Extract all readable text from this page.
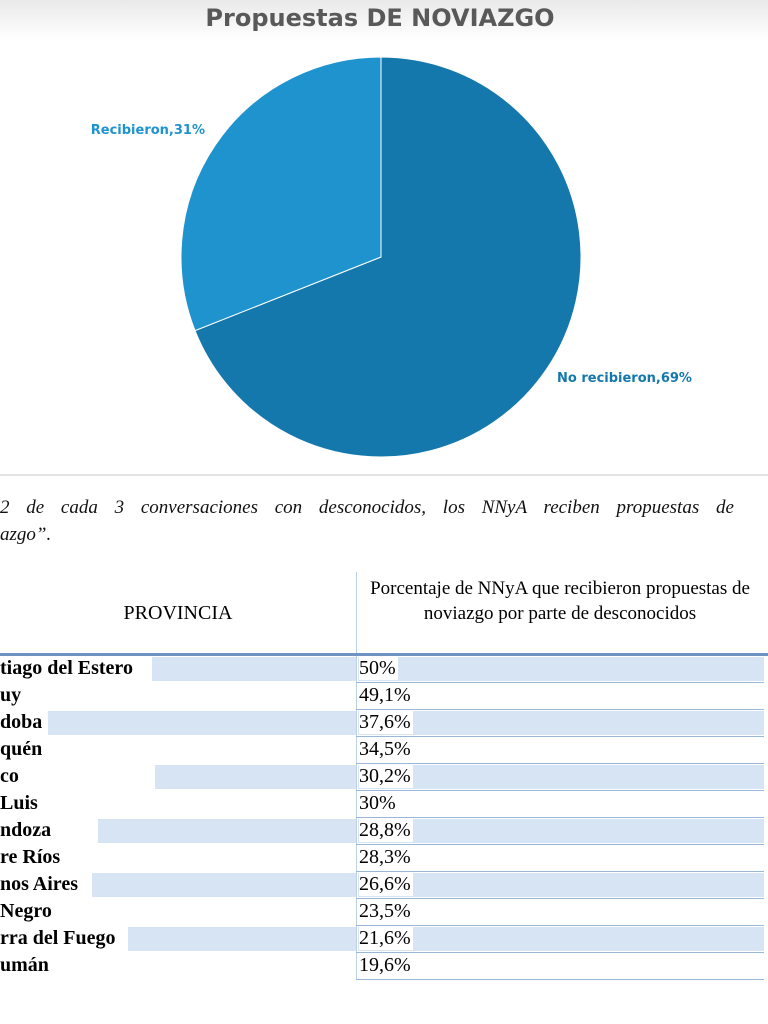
Propuestas DE NOVIAZGO
No recibieron,69%
Recibieron,31%
2 de cada 3 conversaciones con desconocidos, los NNyA reciben propuestas de
azgo”.
PROVINCIA
Porcentaje de NNyA que recibieron propuestas de noviazgo por parte de desconocidos
tiago del Estero	50%
uy	49,1%
doba	37,6%
quén	34,5%
co	30,2%
Luis	30%
ndoza	28,8%
re Ríos	28,3%
nos Aires	26,6%
Negro	23,5%
rra del Fuego	21,6%
umán	19,6%
